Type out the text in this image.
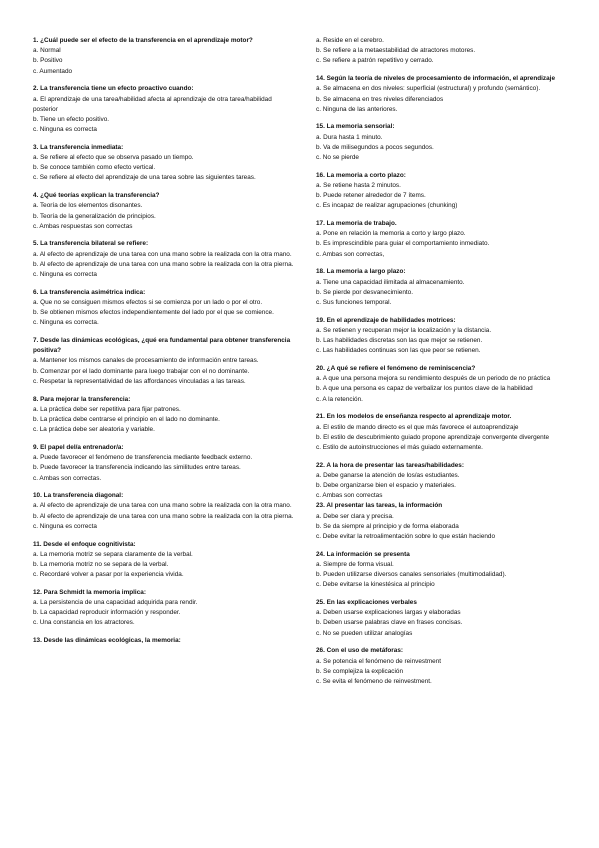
1. ¿Cuál puede ser el efecto de la transferencia en el aprendizaje motor?
a. Normal
b. Positivo
c. Aumentado
2. La transferencia tiene un efecto proactivo cuando:
a. El aprendizaje de una tarea/habilidad afecta al aprendizaje de otra tarea/habilidad posterior
b. Tiene un efecto positivo.
c. Ninguna es correcta
3. La transferencia inmediata:
a. Se refiere al efecto que se observa pasado un tiempo.
b. Se conoce también como efecto vertical.
c. Se refiere al efecto del aprendizaje de una tarea sobre las siguientes tareas.
4. ¿Qué teorías explican la transferencia?
a. Teoría de los elementos disonantes.
b. Teoría de la generalización de principios.
c. Ambas respuestas son correctas
5. La transferencia bilateral se refiere:
a. Al efecto de aprendizaje de una tarea con una mano sobre la realizada con la otra mano.
b. Al efecto de aprendizaje de una tarea con una mano sobre la realizada con la otra pierna.
c. Ninguna es correcta
6. La transferencia asimétrica indica:
a. Que no se consiguen mismos efectos si se comienza por un lado o por el otro.
b. Se obtienen mismos efectos independientemente del lado por el que se comience.
c. Ninguna es correcta.
7. Desde las dinámicas ecológicas, ¿qué era fundamental para obtener transferencia positiva?
a. Mantener los mismos canales de procesamiento de información entre tareas.
b. Comenzar por el lado dominante para luego trabajar con el no dominante.
c. Respetar la representatividad de las affordances vinculadas a las tareas.
8. Para mejorar la transferencia:
a. La práctica debe ser repetitiva para fijar patrones.
b. La práctica debe centrarse el principio en el lado no dominante.
c. La práctica debe ser aleatoria y variable.
9. El papel del/a entrenador/a:
a. Puede favorecer el fenómeno de transferencia mediante feedback externo.
b. Puede favorecer la transferencia indicando las similitudes entre tareas.
c. Ambas son correctas.
10. La transferencia diagonal:
a. Al efecto de aprendizaje de una tarea con una mano sobre la realizada con la otra mano.
b. Al efecto de aprendizaje de una tarea con una mano sobre la realizada con la otra pierna.
c. Ninguna es correcta
11. Desde el enfoque cognitivista:
a. La memoria motriz se separa claramente de la verbal.
b. La memoria motriz no se separa de la verbal.
c. Recordaré volver a pasar por la experiencia vivida.
12. Para Schmidt la memoria implica:
a. La persistencia de una capacidad adquirida para rendir.
b. La capacidad reproducir información y responder.
c. Una constancia en los atractores.
13. Desde las dinámicas ecológicas, la memoria:
a. Reside en el cerebro.
b. Se refiere a la metaestabilidad de atractores motores.
c. Se refiere a patrón repetitivo y cerrado.
14. Según la teoría de niveles de procesamiento de información, el aprendizaje
a. Se almacena en dos niveles: superficial (estructural) y profundo (semántico).
b. Se almacena en tres niveles diferenciados
c. Ninguna de las anteriores.
15. La memoria sensorial:
a. Dura hasta 1 minuto.
b. Va de milisegundos a pocos segundos.
c. No se pierde
16. La memoria a corto plazo:
a. Se retiene hasta 2 minutos.
b. Puede retener alrededor de 7 ítems.
c. Es incapaz de realizar agrupaciones (chunking)
17. La memoria de trabajo.
a. Pone en relación la memoria a corto y largo plazo.
b. Es imprescindible para guiar el comportamiento inmediato.
c. Ambas son correctas,
18. La memoria a largo plazo:
a. Tiene una capacidad ilimitada al almacenamiento.
b. Se pierde por desvanecimiento.
c. Sus funciones temporal.
19. En el aprendizaje de habilidades motrices:
a. Se retienen y recuperan mejor la localización y la distancia.
b. Las habilidades discretas son las que mejor se retienen.
c. Las habilidades continuas son las que peor se retienen.
20. ¿A qué se refiere el fenómeno de reminiscencia?
a. A que una persona mejora su rendimiento después de un periodo de no práctica
b. A que una persona es capaz de verbalizar los puntos clave de la habilidad
c. A la retención.
21. En los modelos de enseñanza respecto al aprendizaje motor.
a. El estilo de mando directo es el que más favorece el autoaprendizaje
b. El estilo de descubrimiento guiado propone aprendizaje convergente divergente
c. Estilo de autoinstrucciones el más guiado externamente.
22. A la hora de presentar las tareas/habilidades:
a. Debe ganarse la atención de los/as estudiantes.
b. Debe organizarse bien el espacio y materiales.
c. Ambas son correctas
23. Al presentar las tareas, la información
a. Debe ser clara y precisa.
b. Se da siempre al principio y de forma elaborada
c. Debe evitar la retroalimentación sobre lo que están haciendo
24. La información se presenta
a. Siempre de forma visual.
b. Pueden utilizarse diversos canales sensoriales (multimodalidad).
c. Debe evitarse la kinestésica al principio
25. En las explicaciones verbales
a. Deben usarse explicaciones largas y elaboradas
b. Deben usarse palabras clave en frases concisas.
c. No se pueden utilizar analogías
26. Con el uso de metáforas:
a. Se potencia el fenómeno de reinvestment
b. Se complejiza la explicación
c. Se evita el fenómeno de reinvestment.
